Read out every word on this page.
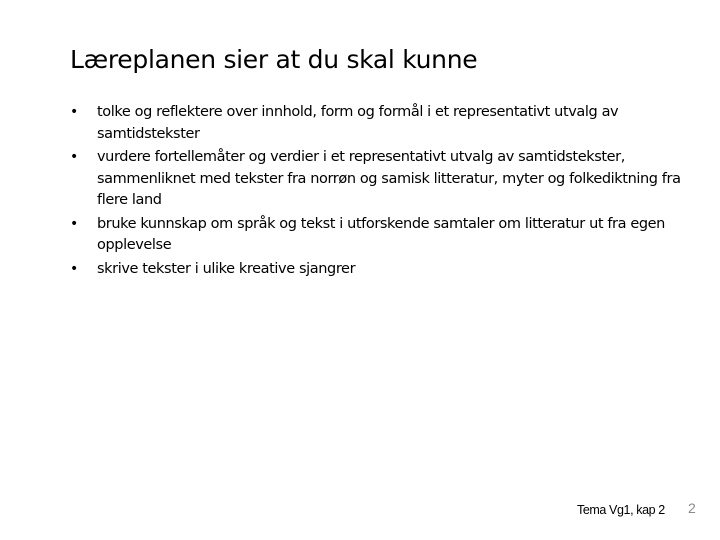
Læreplanen sier at du skal kunne
•	tolke og reflektere over innhold, form og formål i et representativt utvalg av samtidstekster
•	vurdere fortellemåter og verdier i et representativt utvalg av samtidstekster, sammenliknet med tekster fra norrøn og samisk litteratur, myter og folkediktning fra flere land
•	bruke kunnskap om språk og tekst i utforskende samtaler om litteratur ut fra egen opplevelse
•	skrive tekster i ulike kreative sjangrer
Tema Vg1, kap 2 2
